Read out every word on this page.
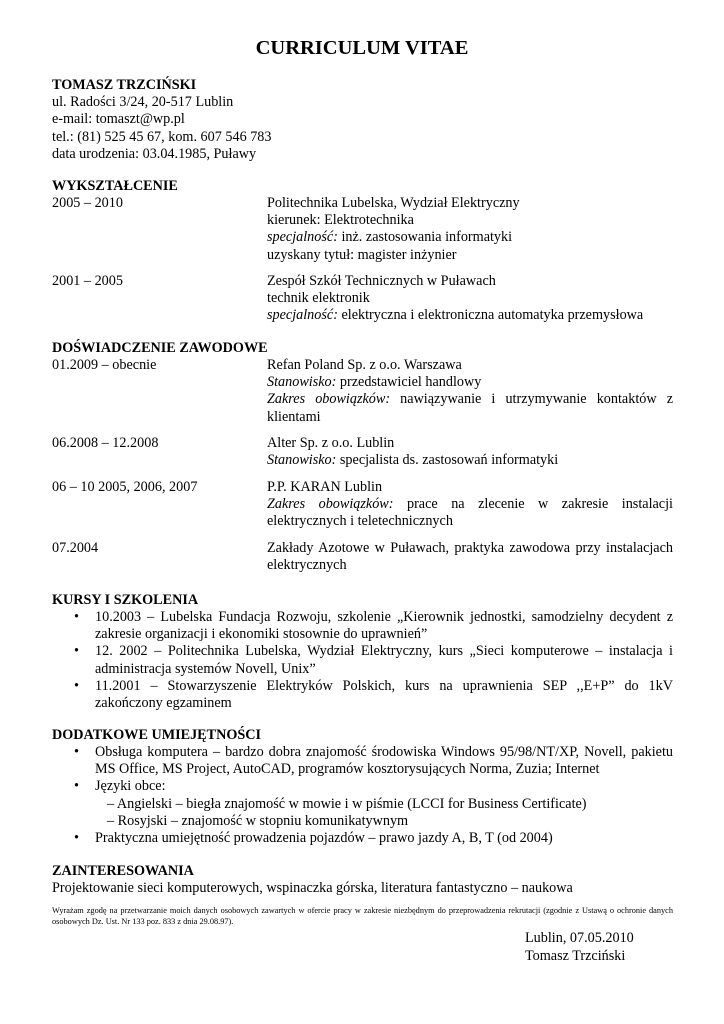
CURRICULUM VITAE
TOMASZ TRZCIŃSKI
ul. Radości 3/24, 20-517 Lublin
e-mail: tomaszt@wp.pl
tel.: (81) 525 45 67, kom. 607 546 783
data urodzenia: 03.04.1985, Puławy
WYKSZTAŁCENIE
2005 – 2010	Politechnika Lubelska, Wydział Elektryczny
kierunek: Elektrotechnika
specjalność: inż. zastosowania informatyki
uzyskany tytuł: magister inżynier
2001 – 2005	Zespół Szkół Technicznych w Puławach
technik elektronik
specjalność: elektryczna i elektroniczna automatyka przemysłowa
DOŚWIADCZENIE ZAWODOWE
01.2009 – obecnie	Refan Poland Sp. z o.o. Warszawa
Stanowisko: przedstawiciel handlowy
Zakres obowiązków: nawiązywanie i utrzymywanie kontaktów z klientami
06.2008 – 12.2008	Alter Sp. z o.o. Lublin
Stanowisko: specjalista ds. zastosowań informatyki
06 – 10 2005, 2006, 2007	P.P. KARAN Lublin
Zakres obowiązków: prace na zlecenie w zakresie instalacji elektrycznych i teletechnicznych
07.2004	Zakłady Azotowe w Puławach, praktyka zawodowa przy instalacjach elektrycznych
KURSY I SZKOLENIA
• 10.2003 – Lubelska Fundacja Rozwoju, szkolenie „Kierownik jednostki, samodzielny decydent z zakresie organizacji i ekonomiki stosownie do uprawnień”
• 12. 2002 – Politechnika Lubelska, Wydział Elektryczny, kurs „Sieci komputerowe – instalacja i administracja systemów Novell, Unix”
• 11.2001 – Stowarzyszenie Elektryków Polskich, kurs na uprawnienia SEP ,,E+P” do 1kV zakończony egzaminem
DODATKOWE UMIEJĘTNOŚCI
• Obsługa komputera – bardzo dobra znajomość środowiska Windows 95/98/NT/XP, Novell, pakietu MS Office, MS Project, AutoCAD, programów kosztorysujących Norma, Zuzia; Internet
• Języki obce:
– Angielski – biegła znajomość w mowie i w piśmie (LCCI for Business Certificate)
– Rosyjski – znajomość w stopniu komunikatywnym
• Praktyczna umiejętność prowadzenia pojazdów – prawo jazdy A, B, T (od 2004)
ZAINTERESOWANIA
Projektowanie sieci komputerowych, wspinaczka górska, literatura fantastyczno – naukowa
Wyrażam zgodę na przetwarzanie moich danych osobowych zawartych w ofercie pracy w zakresie niezbędnym do przeprowadzenia rekrutacji (zgodnie z Ustawą o ochronie danych osobowych Dz. Ust. Nr 133 poz. 833 z dnia 29.08.97).
Lublin, 07.05.2010
Tomasz Trzciński
